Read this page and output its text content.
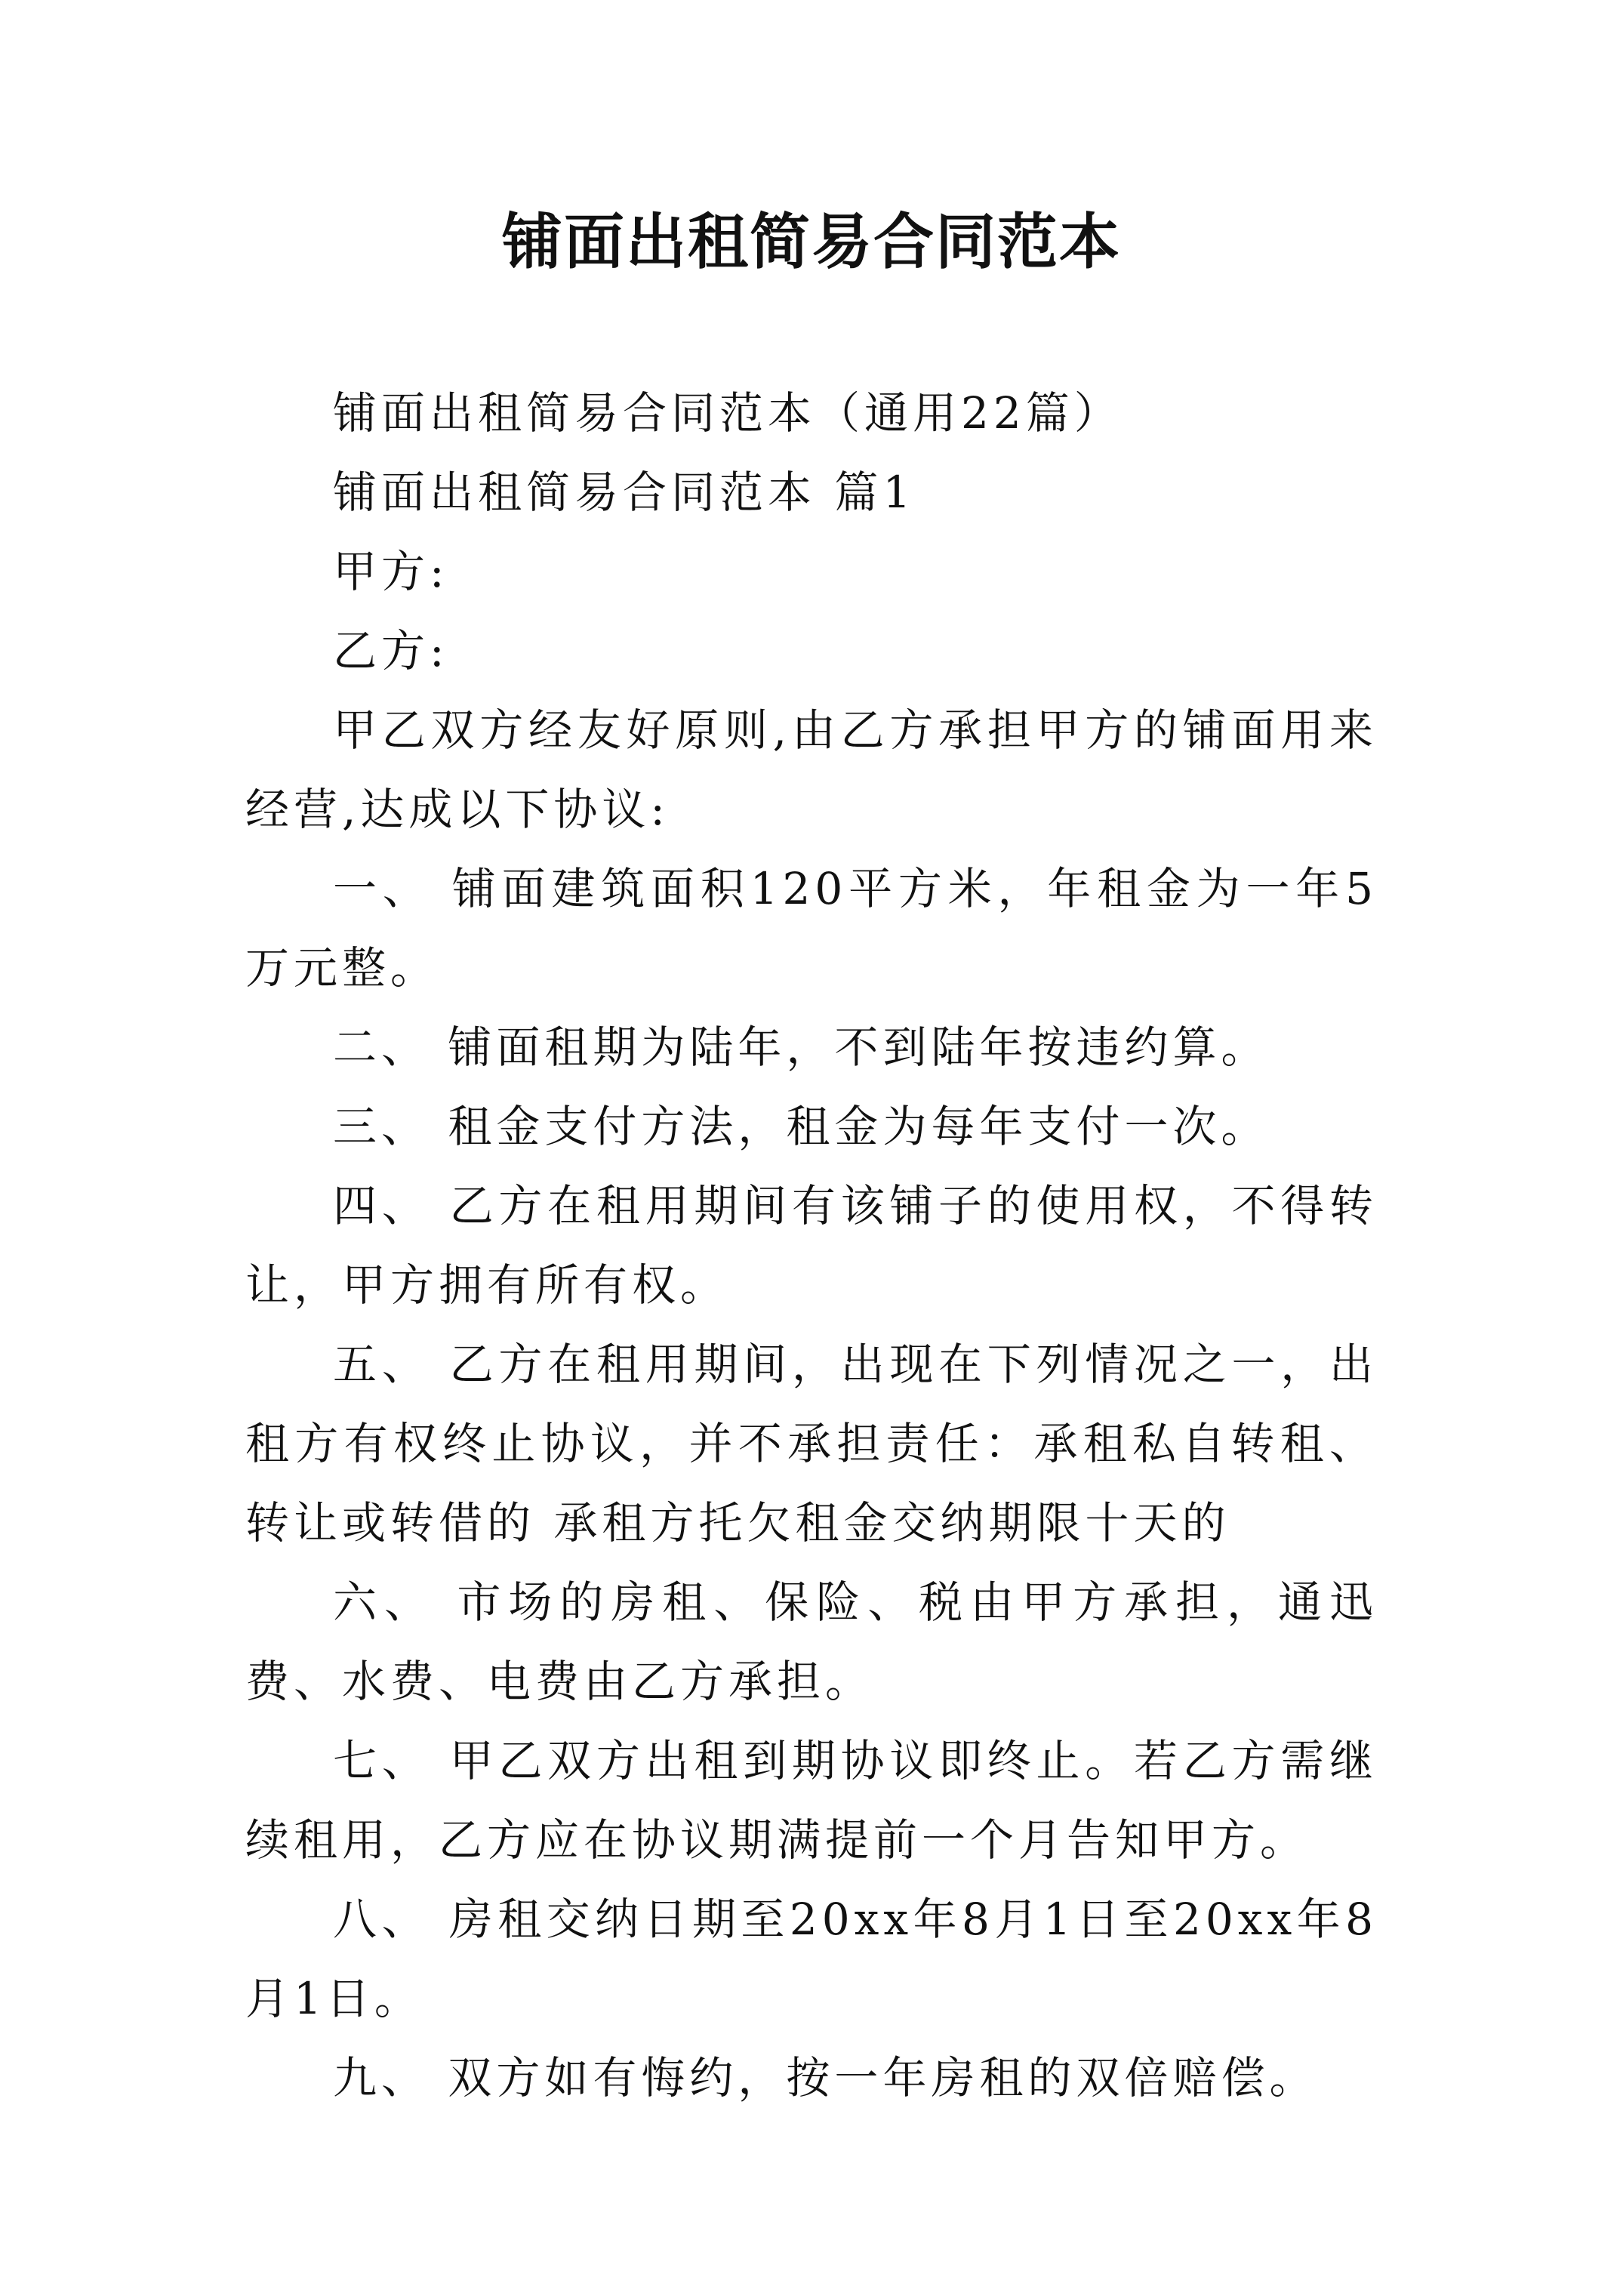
铺面出租简易合同范本

铺面出租简易合同范本（通用22篇）

铺面出租简易合同范本 篇1

甲方:

乙方:

甲乙双方经友好原则,由乙方承担甲方的铺面用来经营,达成以下协议:

一、 铺面建筑面积120平方米，年租金为一年5万元整。

二、 铺面租期为陆年，不到陆年按违约算。

三、 租金支付方法，租金为每年支付一次。

四、 乙方在租用期间有该铺子的使用权，不得转让，甲方拥有所有权。

五、 乙方在租用期间，出现在下列情况之一，出租方有权终止协议，并不承担责任：承租私自转租、转让或转借的 承租方托欠租金交纳期限十天的

六、 市场的房租、保险、税由甲方承担，通迅费、水费、电费由乙方承担。

七、 甲乙双方出租到期协议即终止。若乙方需继续租用，乙方应在协议期满提前一个月告知甲方。

八、 房租交纳日期至20xx年8月1日至20xx年8月1日。

九、 双方如有悔约，按一年房租的双倍赔偿。
